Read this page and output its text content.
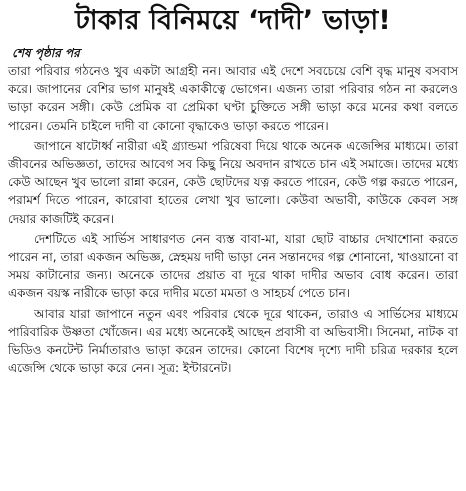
টাকার বিনিময়ে ‘দাদী’ ভাড়া!
শেষ পৃষ্ঠার পর

তারা পরিবার গঠনেও খুব একটা আগ্রহী নন। আবার এই দেশে সবচেয়ে বেশি বৃদ্ধ মানুষ বসবাস করে। জাপানের বেশির ভাগ মানুষই একাকীত্বে ভোগেন। এজন্য তারা পরিবার গঠন না করলেও ভাড়া করেন সঙ্গী। কেউ প্রেমিক বা প্রেমিকা ঘণ্টা চুক্তিতে সঙ্গী ভাড়া করে মনের কথা বলতে পারেন। তেমনি চাইলে দাদী বা কোনো বৃদ্ধাকেও ভাড়া করতে পারেন।

জাপানে ষাটোর্ধ্ব নারীরা এই গ্র্যান্ডমা পরিষেবা দিয়ে থাকে অনেক এজেন্সির মাধ্যমে। তারা জীবনের অভিজ্ঞতা, তাদের আবেগ সব কিছু নিয়ে অবদান রাখতে চান এই সমাজে। তাদের মধ্যে কেউ আছেন খুব ভালো রান্না করেন, কেউ ছোটদের যত্ন করতে পারেন, কেউ গল্প করতে পারেন, পরামর্শ দিতে পারেন, কারোবা হাতের লেখা খুব ভালো। কেউবা অভাবী, কাউকে কেবল সঙ্গ দেয়ার কাজটিই করেন।

দেশটিতে এই সার্ভিস সাধারণত নেন ব্যস্ত বাবা-মা, যারা ছোট বাচ্চার দেখাশোনা করতে পারেন না, তারা একজন অভিজ্ঞ, স্নেহময় দাদী ভাড়া নেন সন্তানদের গল্প শোনানো, খাওয়ানো বা সময় কাটানোর জন্য। অনেকে তাদের প্রয়াত বা দূরে থাকা দাদীর অভাব বোধ করেন। তারা একজন বয়স্ক নারীকে ভাড়া করে দাদীর মতো মমতা ও সাহচর্য পেতে চান।

আবার যারা জাপানে নতুন এবং পরিবার থেকে দূরে থাকেন, তারাও এ সার্ভিসের মাধ্যমে পারিবারিক উষ্ণতা খোঁজেন। এর মধ্যে অনেকেই আছেন প্রবাসী বা অভিবাসী। সিনেমা, নাটক বা ভিডিও কনটেন্ট নির্মাতারাও ভাড়া করেন তাদের। কোনো বিশেষ দৃশ্যে দাদী চরিত্র দরকার হলে এজেন্সি থেকে ভাড়া করে নেন। সূত্র: ইন্টারনেট।
